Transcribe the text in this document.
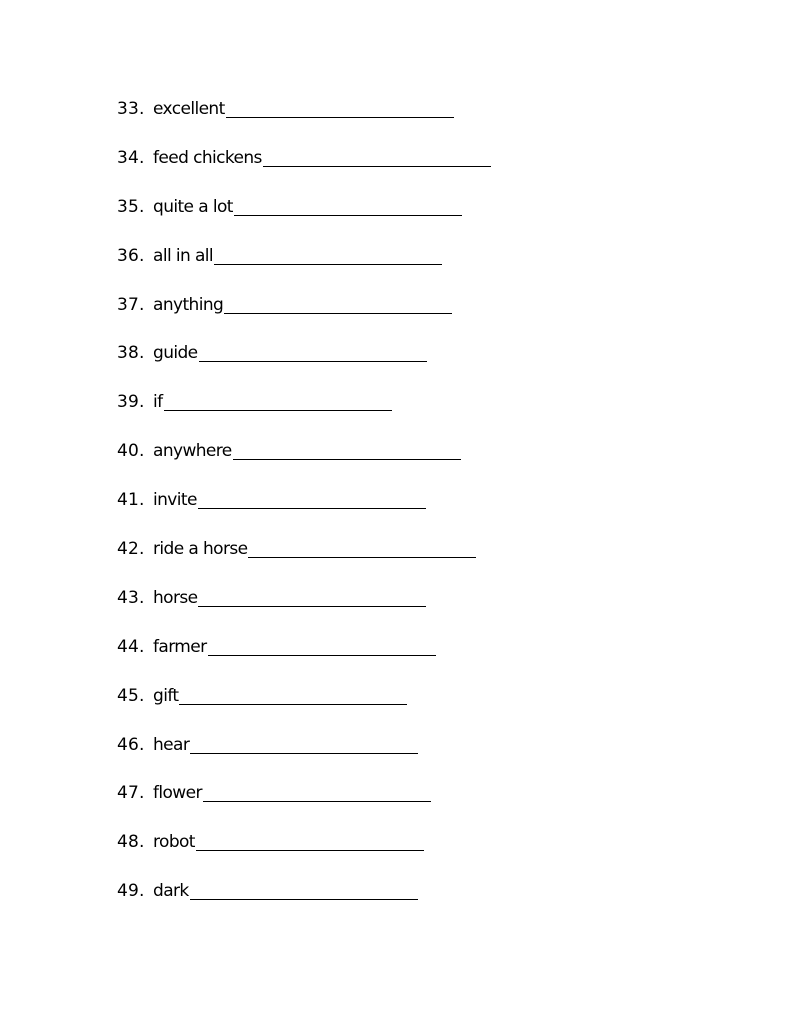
33. excellent
34. feed chickens
35. quite a lot
36. all in all
37. anything
38. guide
39. if
40. anywhere
41. invite
42. ride a horse
43. horse
44. farmer
45. gift
46. hear
47. flower
48. robot
49. dark
